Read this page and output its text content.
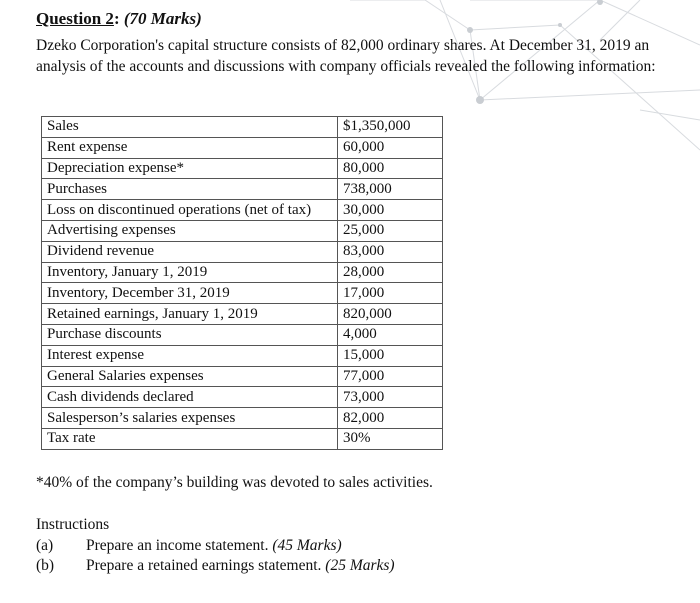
Question 2: (70 Marks)
Dzeko Corporation's capital structure consists of 82,000 ordinary shares. At December 31, 2019 an analysis of the accounts and discussions with company officials revealed the following information:
Sales	$1,350,000
Rent expense	60,000
Depreciation expense*	80,000
Purchases	738,000
Loss on discontinued operations (net of tax)	30,000
Advertising expenses	25,000
Dividend revenue	83,000
Inventory, January 1, 2019	28,000
Inventory, December 31, 2019	17,000
Retained earnings, January 1, 2019	820,000
Purchase discounts	4,000
Interest expense	15,000
General Salaries expenses	77,000
Cash dividends declared	73,000
Salesperson’s salaries expenses	82,000
Tax rate	30%
*40% of the company’s building was devoted to sales activities.
Instructions
(a) Prepare an income statement. (45 Marks)
(b) Prepare a retained earnings statement. (25 Marks)
